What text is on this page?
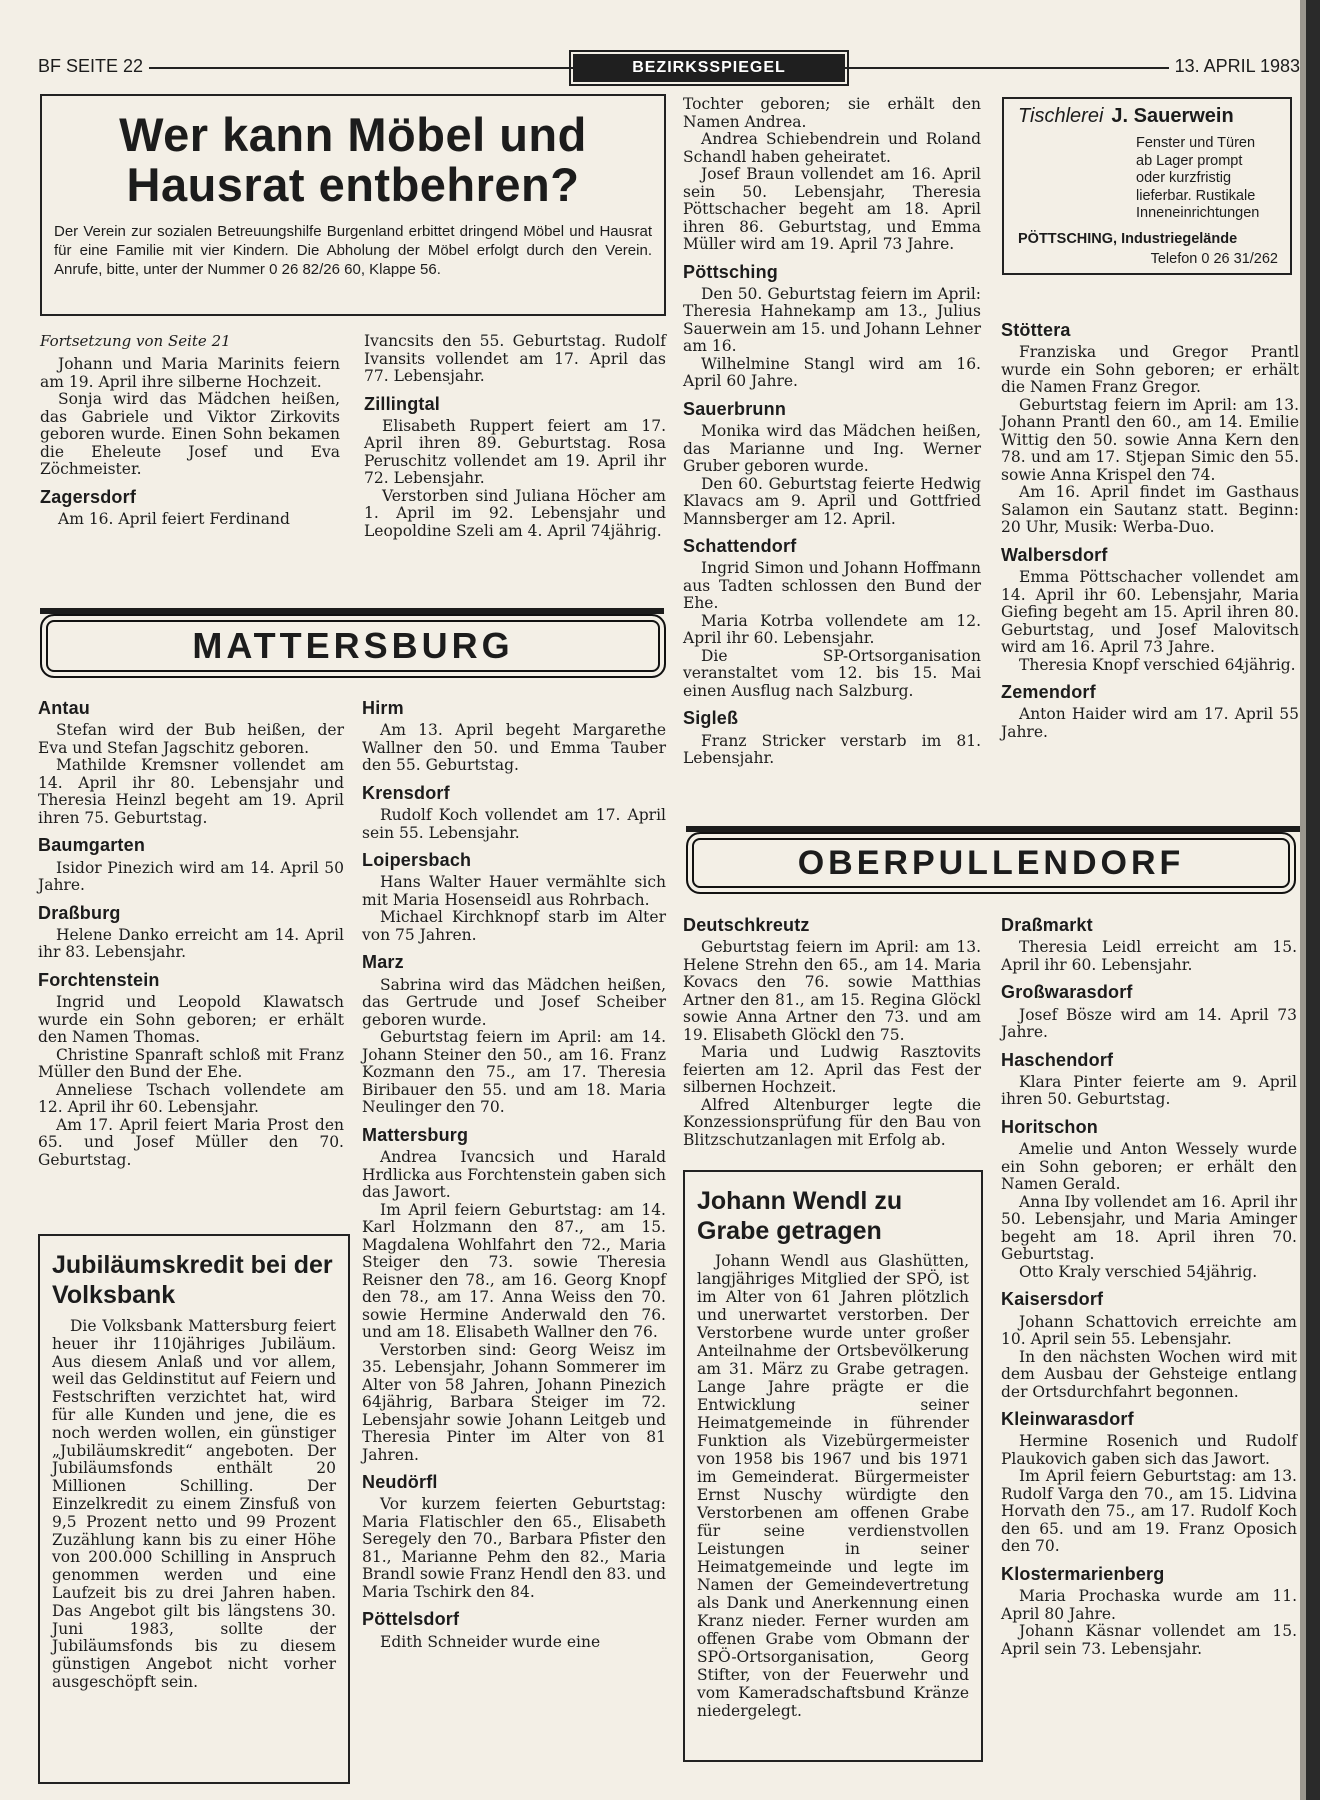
BF SEITE 22	BEZIRKSSPIEGEL	13. APRIL 1983
Wer kann Möbel und Hausrat entbehren?
Der Verein zur sozialen Betreuungshilfe Burgenland erbittet dringend Möbel und Hausrat für eine Familie mit vier Kindern. Die Abholung der Möbel erfolgt durch den Verein. Anrufe, bitte, unter der Nummer 0 26 82/26 60, Klappe 56.
Tischlerei J. Sauerwein
Fenster und Türen
ab Lager prompt
oder kurzfristig
lieferbar. Rustikale
Inneneinrichtungen
PÖTTSCHING, Industriegelände
Telefon 0 26 31/262
Fortsetzung von Seite 21

Johann und Maria Marinits feiern am 19. April ihre silberne Hochzeit.

Sonja wird das Mädchen heißen, das Gabriele und Viktor Zirkovits geboren wurde. Einen Sohn bekamen die Eheleute Josef und Eva Zöchmeister.

Zagersdorf

Am 16. April feiert Ferdinand

Ivancsits den 55. Geburtstag. Rudolf Ivansits vollendet am 17. April das 77. Lebensjahr.

Zillingtal

Elisabeth Ruppert feiert am 17. April ihren 89. Geburtstag. Rosa Peruschitz vollendet am 19. April ihr 72. Lebensjahr.

Verstorben sind Juliana Höcher am 1. April im 92. Lebensjahr und Leopoldine Szeli am 4. April 74jährig.

Tochter geboren; sie erhält den Namen Andrea.

Andrea Schiebendrein und Roland Schandl haben geheiratet.

Josef Braun vollendet am 16. April sein 50. Lebensjahr, Theresia Pöttschacher begeht am 18. April ihren 86. Geburtstag, und Emma Müller wird am 19. April 73 Jahre.

Pöttsching

Den 50. Geburtstag feiern im April: Theresia Hahnekamp am 13., Julius Sauerwein am 15. und Johann Lehner am 16.

Wilhelmine Stangl wird am 16. April 60 Jahre.

Sauerbrunn

Monika wird das Mädchen heißen, das Marianne und Ing. Werner Gruber geboren wurde.

Den 60. Geburtstag feierte Hedwig Klavacs am 9. April und Gottfried Mannsberger am 12. April.

Schattendorf

Ingrid Simon und Johann Hoffmann aus Tadten schlossen den Bund der Ehe.

Maria Kotrba vollendete am 12. April ihr 60. Lebensjahr.

Die SP-Ortsorganisation veranstaltet vom 12. bis 15. Mai einen Ausflug nach Salzburg.

Sigleß

Franz Stricker verstarb im 81. Lebensjahr.

Stöttera

Franziska und Gregor Prantl wurde ein Sohn geboren; er erhält die Namen Franz Gregor.

Geburtstag feiern im April: am 13. Johann Prantl den 60., am 14. Emilie Wittig den 50. sowie Anna Kern den 78. und am 17. Stjepan Simic den 55. sowie Anna Krispel den 74.

Am 16. April findet im Gasthaus Salamon ein Sautanz statt. Beginn: 20 Uhr, Musik: Werba-Duo.

Walbersdorf

Emma Pöttschacher vollendet am 14. April ihr 60. Lebensjahr, Maria Giefing begeht am 15. April ihren 80. Geburtstag, und Josef Malovitsch wird am 16. April 73 Jahre.

Theresia Knopf verschied 64jährig.

Zemendorf

Anton Haider wird am 17. April 55 Jahre.

MATTERSBURG
Antau

Stefan wird der Bub heißen, der Eva und Stefan Jagschitz geboren.

Mathilde Kremsner vollendet am 14. April ihr 80. Lebensjahr und Theresia Heinzl begeht am 19. April ihren 75. Geburtstag.

Baumgarten

Isidor Pinezich wird am 14. April 50 Jahre.

Draßburg

Helene Danko erreicht am 14. April ihr 83. Lebensjahr.

Forchtenstein

Ingrid und Leopold Klawatsch wurde ein Sohn geboren; er erhält den Namen Thomas.

Christine Spanraft schloß mit Franz Müller den Bund der Ehe.

Anneliese Tschach vollendete am 12. April ihr 60. Lebensjahr.

Am 17. April feiert Maria Prost den 65. und Josef Müller den 70. Geburtstag.

Hirm

Am 13. April begeht Margarethe Wallner den 50. und Emma Tauber den 55. Geburtstag.

Krensdorf

Rudolf Koch vollendet am 17. April sein 55. Lebensjahr.

Loipersbach

Hans Walter Hauer vermählte sich mit Maria Hosenseidl aus Rohrbach.

Michael Kirchknopf starb im Alter von 75 Jahren.

Marz

Sabrina wird das Mädchen heißen, das Gertrude und Josef Scheiber geboren wurde.

Geburtstag feiern im April: am 14. Johann Steiner den 50., am 16. Franz Kozmann den 75., am 17. Theresia Biribauer den 55. und am 18. Maria Neulinger den 70.

Mattersburg

Andrea Ivancsich und Harald Hrdlicka aus Forchtenstein gaben sich das Jawort.

Im April feiern Geburtstag: am 14. Karl Holzmann den 87., am 15. Magdalena Wohlfahrt den 72., Maria Steiger den 73. sowie Theresia Reisner den 78., am 16. Georg Knopf den 78., am 17. Anna Weiss den 70. sowie Hermine Anderwald den 76. und am 18. Elisabeth Wallner den 76.

Verstorben sind: Georg Weisz im 35. Lebensjahr, Johann Sommerer im Alter von 58 Jahren, Johann Pinezich 64jährig, Barbara Steiger im 72. Lebensjahr sowie Johann Leitgeb und Theresia Pinter im Alter von 81 Jahren.

Neudörfl

Vor kurzem feierten Geburtstag: Maria Flatischler den 65., Elisabeth Seregely den 70., Barbara Pfister den 81., Marianne Pehm den 82., Maria Brandl sowie Franz Hendl den 83. und Maria Tschirk den 84.

Pöttelsdorf

Edith Schneider wurde eine

Jubiläumskredit bei der Volksbank

Die Volksbank Mattersburg feiert heuer ihr 110jähriges Jubiläum. Aus diesem Anlaß und vor allem, weil das Geldinstitut auf Feiern und Festschriften verzichtet hat, wird für alle Kunden und jene, die es noch werden wollen, ein günstiger „Jubiläumskredit“ angeboten. Der Jubiläumsfonds enthält 20 Millionen Schilling. Der Einzelkredit zu einem Zinsfuß von 9,5 Prozent netto und 99 Prozent Zuzählung kann bis zu einer Höhe von 200.000 Schilling in Anspruch genommen werden und eine Laufzeit bis zu drei Jahren haben. Das Angebot gilt bis längstens 30. Juni 1983, sollte der Jubiläumsfonds bis zu diesem günstigen Angebot nicht vorher ausgeschöpft sein.

OBERPULLENDORF
Deutschkreutz

Geburtstag feiern im April: am 13. Helene Strehn den 65., am 14. Maria Kovacs den 76. sowie Matthias Artner den 81., am 15. Regina Glöckl sowie Anna Artner den 73. und am 19. Elisabeth Glöckl den 75.

Maria und Ludwig Rasztovits feierten am 12. April das Fest der silbernen Hochzeit.

Alfred Altenburger legte die Konzessionsprüfung für den Bau von Blitzschutzanlagen mit Erfolg ab.

Draßmarkt

Theresia Leidl erreicht am 15. April ihr 60. Lebensjahr.

Großwarasdorf

Josef Bösze wird am 14. April 73 Jahre.

Haschendorf

Klara Pinter feierte am 9. April ihren 50. Geburtstag.

Horitschon

Amelie und Anton Wessely wurde ein Sohn geboren; er erhält den Namen Gerald.

Anna Iby vollendet am 16. April ihr 50. Lebensjahr, und Maria Aminger begeht am 18. April ihren 70. Geburtstag.

Otto Kraly verschied 54jährig.

Kaisersdorf

Johann Schattovich erreichte am 10. April sein 55. Lebensjahr.

In den nächsten Wochen wird mit dem Ausbau der Gehsteige entlang der Ortsdurchfahrt begonnen.

Kleinwarasdorf

Hermine Rosenich und Rudolf Plaukovich gaben sich das Jawort.

Im April feiern Geburtstag: am 13. Rudolf Varga den 70., am 15. Lidvina Horvath den 75., am 17. Rudolf Koch den 65. und am 19. Franz Oposich den 70.

Klostermarienberg

Maria Prochaska wurde am 11. April 80 Jahre.

Johann Käsnar vollendet am 15. April sein 73. Lebensjahr.

Johann Wendl zu Grabe getragen

Johann Wendl aus Glashütten, langjähriges Mitglied der SPÖ, ist im Alter von 61 Jahren plötzlich und unerwartet verstorben. Der Verstorbene wurde unter großer Anteilnahme der Ortsbevölkerung am 31. März zu Grabe getragen. Lange Jahre prägte er die Entwicklung seiner Heimatgemeinde in führender Funktion als Vizebürgermeister von 1958 bis 1967 und bis 1971 im Gemeinderat. Bürgermeister Ernst Nuschy würdigte den Verstorbenen am offenen Grabe für seine verdienstvollen Leistungen in seiner Heimatgemeinde und legte im Namen der Gemeindevertretung als Dank und Anerkennung einen Kranz nieder. Ferner wurden am offenen Grabe vom Obmann der SPÖ-Ortsorganisation, Georg Stifter, von der Feuerwehr und vom Kameradschaftsbund Kränze niedergelegt.
